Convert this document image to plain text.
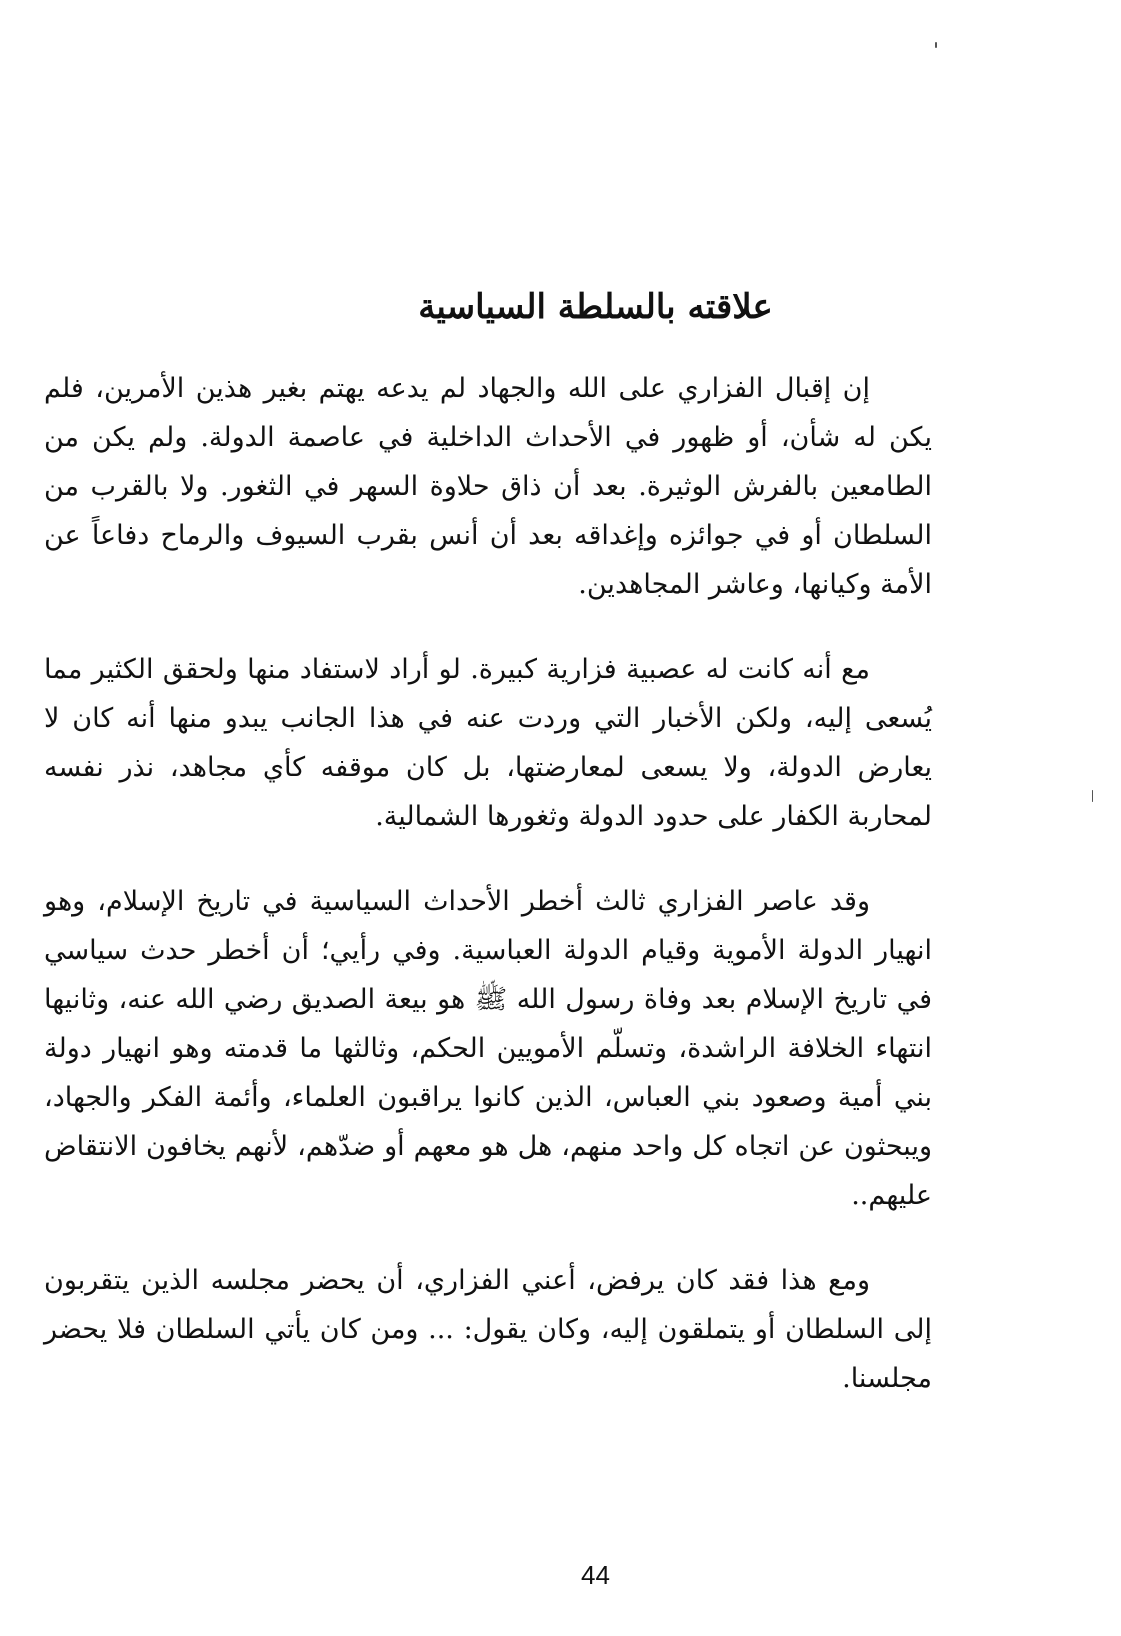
علاقته بالسلطة السياسية

إن إقبال الفزاري على الله والجهاد لم يدعه يهتم بغير هذين الأمرين، فلم يكن له شأن، أو ظهور في الأحداث الداخلية في عاصمة الدولة. ولم يكن من الطامعين بالفرش الوثيرة. بعد أن ذاق حلاوة السهر في الثغور. ولا بالقرب من السلطان أو في جوائزه وإغداقه بعد أن أنس بقرب السيوف والرماح دفاعاً عن الأمة وكيانها، وعاشر المجاهدين.

مع أنه كانت له عصبية فزارية كبيرة. لو أراد لاستفاد منها ولحقق الكثير مما يُسعى إليه، ولكن الأخبار التي وردت عنه في هذا الجانب يبدو منها أنه كان لا يعارض الدولة، ولا يسعى لمعارضتها، بل كان موقفه كأي مجاهد، نذر نفسه لمحاربة الكفار على حدود الدولة وثغورها الشمالية.

وقد عاصر الفزاري ثالث أخطر الأحداث السياسية في تاريخ الإسلام، وهو انهيار الدولة الأموية وقيام الدولة العباسية. وفي رأيي؛ أن أخطر حدث سياسي في تاريخ الإسلام بعد وفاة رسول الله ﷺ هو بيعة الصديق رضي الله عنه، وثانيها انتهاء الخلافة الراشدة، وتسلّم الأمويين الحكم، وثالثها ما قدمته وهو انهيار دولة بني أمية وصعود بني العباس، الذين كانوا يراقبون العلماء، وأئمة الفكر والجهاد، ويبحثون عن اتجاه كل واحد منهم، هل هو معهم أو ضدّهم، لأنهم يخافون الانتقاض عليهم..

ومع هذا فقد كان يرفض، أعني الفزاري، أن يحضر مجلسه الذين يتقربون إلى السلطان أو يتملقون إليه، وكان يقول: ... ومن كان يأتي السلطان فلا يحضر مجلسنا.

44
